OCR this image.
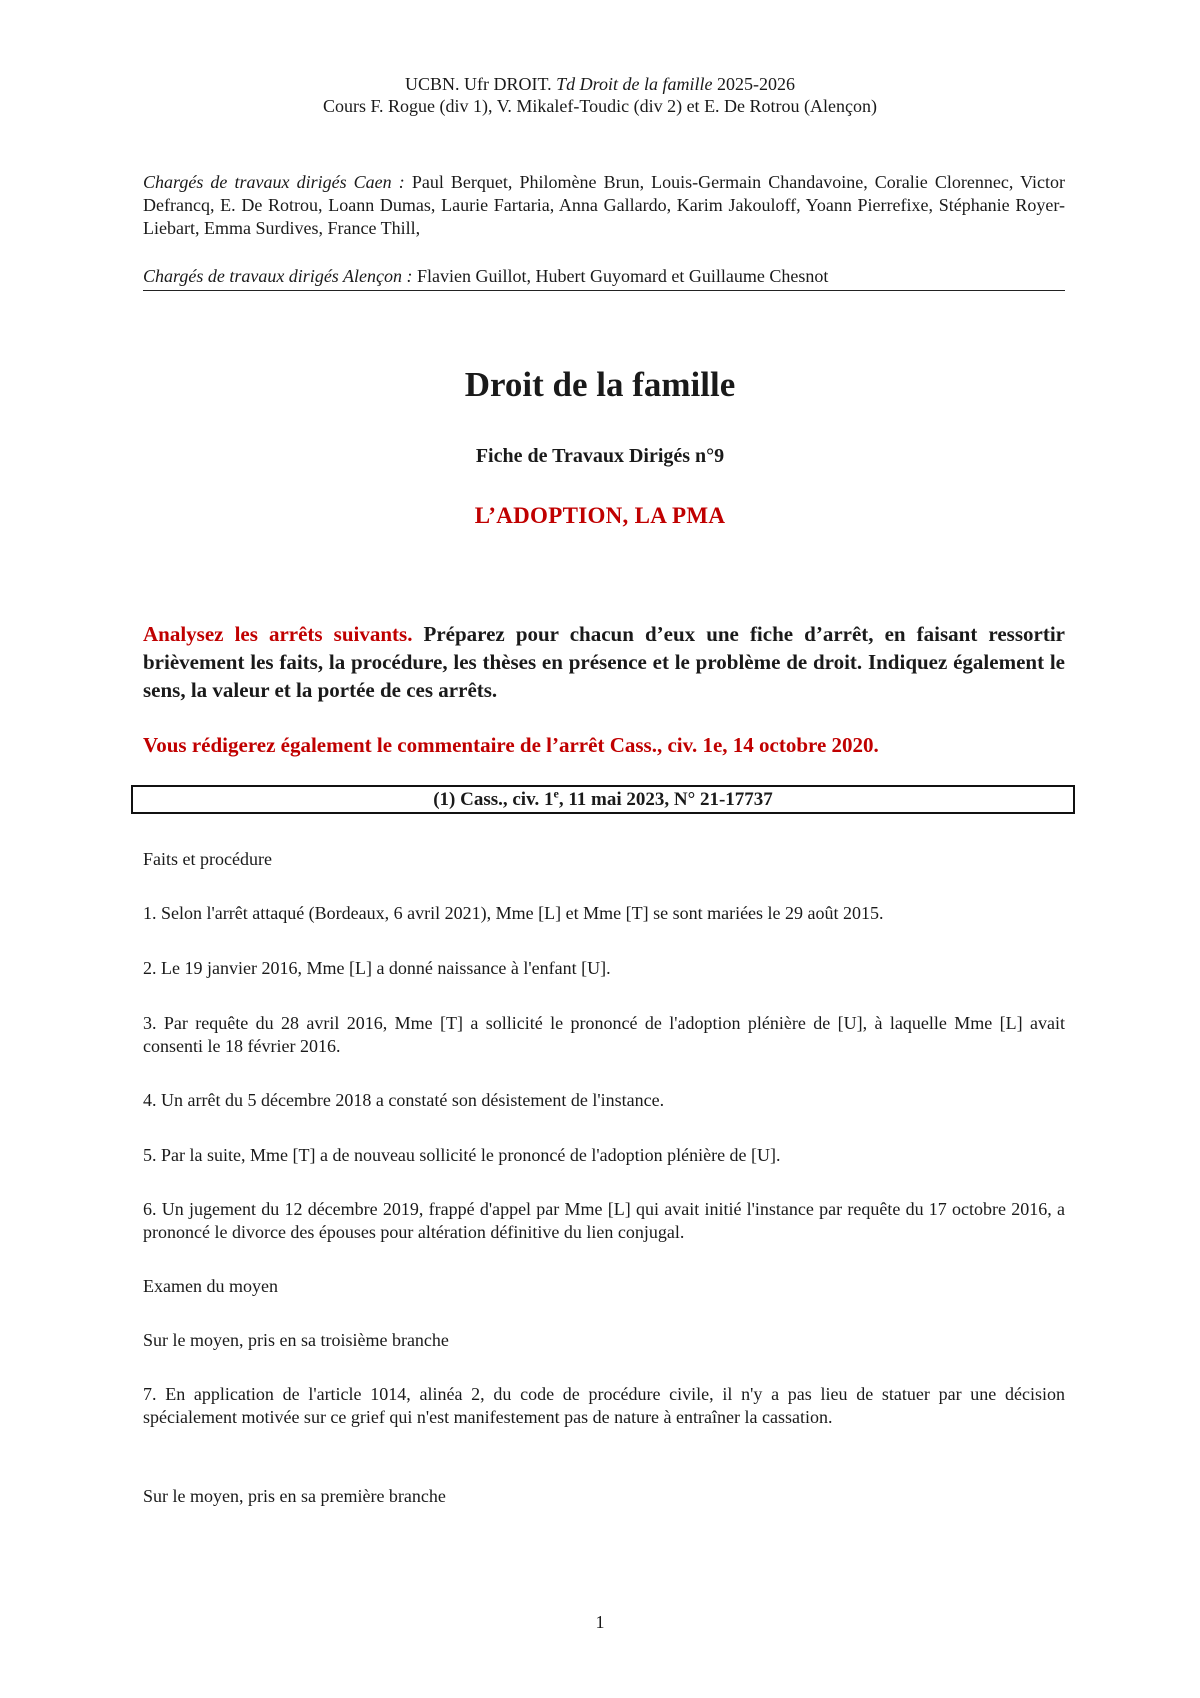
UCBN. Ufr DROIT. Td Droit de la famille 2025-2026
Cours F. Rogue (div 1), V. Mikalef-Toudic (div 2) et E. De Rotrou (Alençon)
Chargés de travaux dirigés Caen : Paul Berquet, Philomène Brun, Louis-Germain Chandavoine, Coralie Clorennec, Victor Defrancq, E. De Rotrou, Loann Dumas, Laurie Fartaria, Anna Gallardo, Karim Jakouloff, Yoann Pierrefixe, Stéphanie Royer-Liebart, Emma Surdives, France Thill,
Chargés de travaux dirigés Alençon : Flavien Guillot, Hubert Guyomard et Guillaume Chesnot
Droit de la famille
Fiche de Travaux Dirigés n°9
L’ADOPTION, LA PMA
Analysez les arrêts suivants. Préparez pour chacun d’eux une fiche d’arrêt, en faisant ressortir brièvement les faits, la procédure, les thèses en présence et le problème de droit. Indiquez également le sens, la valeur et la portée de ces arrêts.
Vous rédigerez également le commentaire de l’arrêt Cass., civ. 1e, 14 octobre 2020.
(1) Cass., civ. 1e, 11 mai 2023, N° 21-17737

Faits et procédure

1. Selon l'arrêt attaqué (Bordeaux, 6 avril 2021), Mme [L] et Mme [T] se sont mariées le 29 août 2015.

2. Le 19 janvier 2016, Mme [L] a donné naissance à l'enfant [U].

3. Par requête du 28 avril 2016, Mme [T] a sollicité le prononcé de l'adoption plénière de [U], à laquelle Mme [L] avait consenti le 18 février 2016.

4. Un arrêt du 5 décembre 2018 a constaté son désistement de l'instance.

5. Par la suite, Mme [T] a de nouveau sollicité le prononcé de l'adoption plénière de [U].

6. Un jugement du 12 décembre 2019, frappé d'appel par Mme [L] qui avait initié l'instance par requête du 17 octobre 2016, a prononcé le divorce des épouses pour altération définitive du lien conjugal.

Examen du moyen

Sur le moyen, pris en sa troisième branche

7. En application de l'article 1014, alinéa 2, du code de procédure civile, il n'y a pas lieu de statuer par une décision spécialement motivée sur ce grief qui n'est manifestement pas de nature à entraîner la cassation.

Sur le moyen, pris en sa première branche

1
